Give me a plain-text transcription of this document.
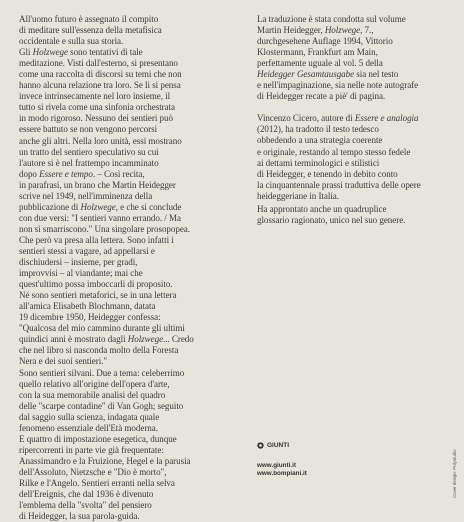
All'uomo futuro è assegnato il compito
di meditare sull'essenza della metafisica
occidentale e sulla sua storia.

Gli Holzwege sono tentativi di tale
meditazione. Visti dall'esterno, si presentano
come una raccolta di discorsi su temi che non
hanno alcuna relazione tra loro. Se li si pensa
invece intrinsecamente nel loro insieme, il
tutto si rivela come una sinfonia orchestrata
in modo rigoroso. Nessuno dei sentieri può
essere battuto se non vengono percorsi
anche gli altri. Nella loro unità, essi mostrano
un tratto del sentiero speculativo su cui
l'autore si è nel frattempo incamminato
dopo Essere e tempo. – Così recita,
in parafrasi, un brano che Martin Heidegger
scrive nel 1949, nell'imminenza della
pubblicazione di Holzwege, e che si conclude
con due versi: "I sentieri vanno errando. / Ma
non si smarriscono." Una singolare prosopopea.
Che però va presa alla lettera. Sono infatti i
sentieri stessi a vagare, ad appellarsi e
dischiudersi – insieme, per gradi,
improvvisi – al viandante; mai che
quest'ultimo possa imboccarli di proposito.

Né sono sentieri metaforici, se in una lettera
all'amica Elisabeth Blochmann, datata
19 dicembre 1950, Heidegger confessa:
"Qualcosa del mio cammino durante gli ultimi
quindici anni è mostrato dagli Holzwege... Credo
che nel libro si nasconda molto della Foresta
Nera e dei suoi sentieri."

Sono sentieri silvani. Due a tema: celeberrimo
quello relativo all'origine dell'opera d'arte,
con la sua memorabile analisi del quadro
delle "scarpe contadine" di Van Gogh; seguito
dal saggio sulla scienza, indagata quale
fenomeno essenziale dell'Età moderna.

E quattro di impostazione esegetica, dunque
ripercorrenti in parte vie già frequentate:
Anassimandro e la Fruizione, Hegel e la parusia
dell'Assoluto, Nietzsche e "Dio è morto",
Rilke e l'Angelo. Sentieri erranti nella selva
dell'Ereignis, che dal 1936 è divenuto
l'emblema della "svolta" del pensiero
di Heidegger, la sua parola-guida.

La traduzione è stata condotta sul volume
Martin Heidegger, Holzwege, 7.,
durchgesehene Auflage 1994, Vittorio
Klostermann, Frankfurt am Main,
perfettamente uguale al vol. 5 della
Heidegger Gesamtausgabe sia nel testo
e nell'impaginazione, sia nelle note autografe
di Heidegger recate a piè' di pagina.

Vincenzo Cicero, autore di Essere e analogia
(2012), ha tradotto il testo tedesco
obbedendo a una strategia coerente
e originale, restando al tempo stesso fedele
ai dettami terminologici e stilistici
di Heidegger, e tenendo in debito conto
la cinquantennale prassi traduttiva delle opere
heideggeriane in Italia.

Ha approntato anche un quadruplice
glossario ragionato, unico nel suo genere.

GIUNTI
www.giunti.it
www.bompiani.it	Cover design: Polystudio
